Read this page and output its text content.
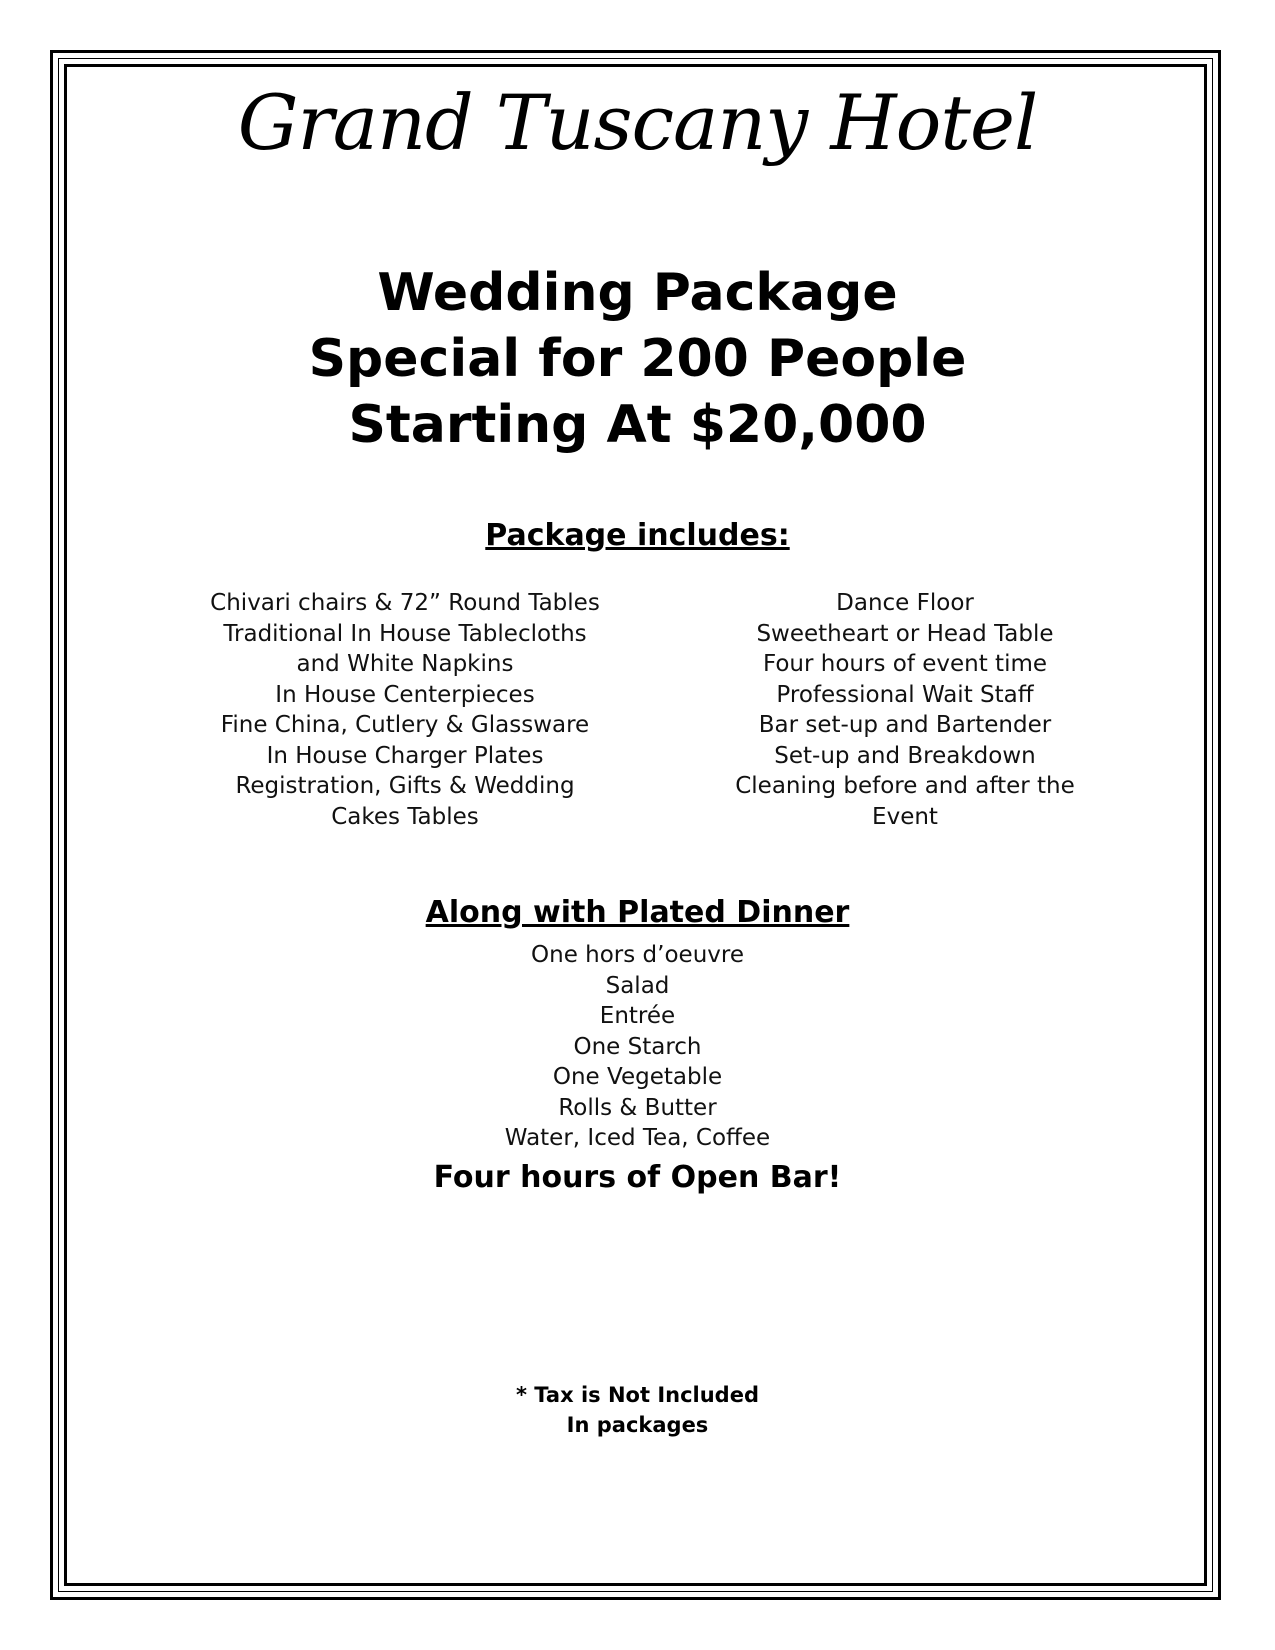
Grand Tuscany Hotel
Wedding Package
Special for 200 People
Starting At $20,000
Package includes:
Chivari chairs & 72” Round Tables
Traditional In House Tablecloths
and White Napkins
In House Centerpieces
Fine China, Cutlery & Glassware
In House Charger Plates
Registration, Gifts & Wedding
Cakes Tables
Dance Floor
Sweetheart or Head Table
Four hours of event time
Professional Wait Staff
Bar set-up and Bartender
Set-up and Breakdown
Cleaning before and after the
Event
Along with Plated Dinner
One hors d’oeuvre
Salad
Entrée
One Starch
One Vegetable
Rolls & Butter
Water, Iced Tea, Coffee
Four hours of Open Bar!
* Tax is Not Included
In packages
